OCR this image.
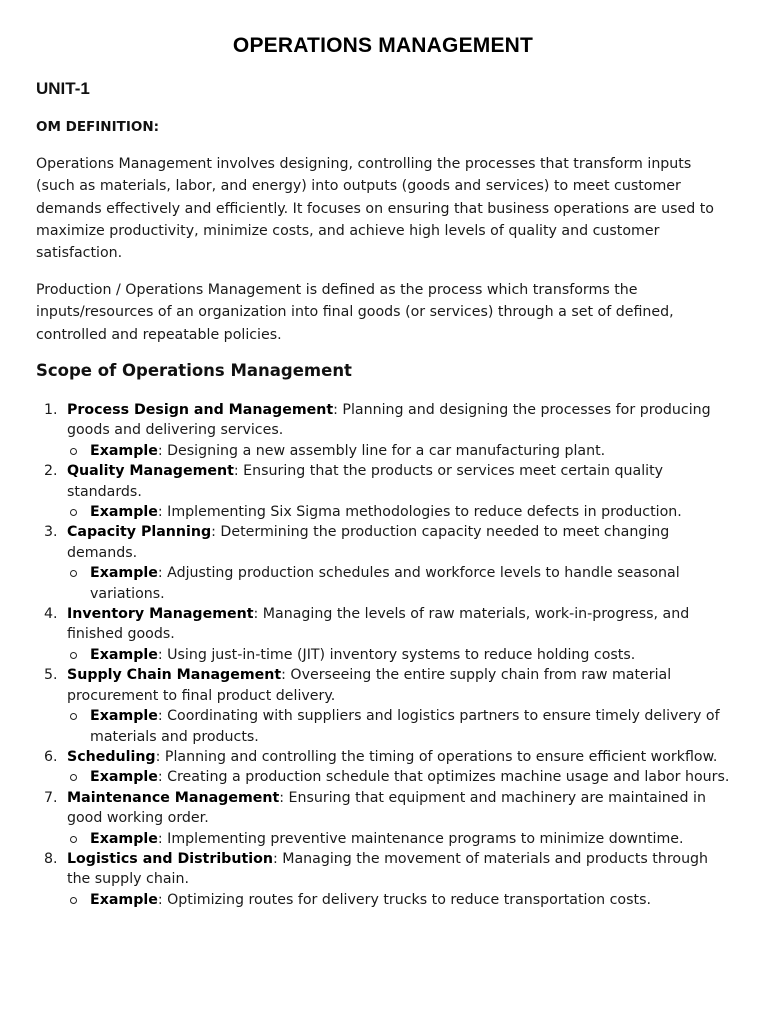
OPERATIONS MANAGEMENT
UNIT-1
OM DEFINITION:

Operations Management involves designing, controlling the processes that transform inputs (such as materials, labor, and energy) into outputs (goods and services) to meet customer demands effectively and efficiently. It focuses on ensuring that business operations are used to maximize productivity, minimize costs, and achieve high levels of quality and customer satisfaction.

Production / Operations Management is defined as the process which transforms the inputs/resources of an organization into final goods (or services) through a set of defined, controlled and repeatable policies.

Scope of Operations Management
1. Process Design and Management: Planning and designing the processes for producing goods and delivering services.
Example: Designing a new assembly line for a car manufacturing plant.
2. Quality Management: Ensuring that the products or services meet certain quality standards.
Example: Implementing Six Sigma methodologies to reduce defects in production.
3. Capacity Planning: Determining the production capacity needed to meet changing demands.
Example: Adjusting production schedules and workforce levels to handle seasonal variations.
4. Inventory Management: Managing the levels of raw materials, work-in-progress, and finished goods.
Example: Using just-in-time (JIT) inventory systems to reduce holding costs.
5. Supply Chain Management: Overseeing the entire supply chain from raw material procurement to final product delivery.
Example: Coordinating with suppliers and logistics partners to ensure timely delivery of materials and products.
6. Scheduling: Planning and controlling the timing of operations to ensure efficient workflow.
Example: Creating a production schedule that optimizes machine usage and labor hours.
7. Maintenance Management: Ensuring that equipment and machinery are maintained in good working order.
Example: Implementing preventive maintenance programs to minimize downtime.
8. Logistics and Distribution: Managing the movement of materials and products through the supply chain.
Example: Optimizing routes for delivery trucks to reduce transportation costs.
